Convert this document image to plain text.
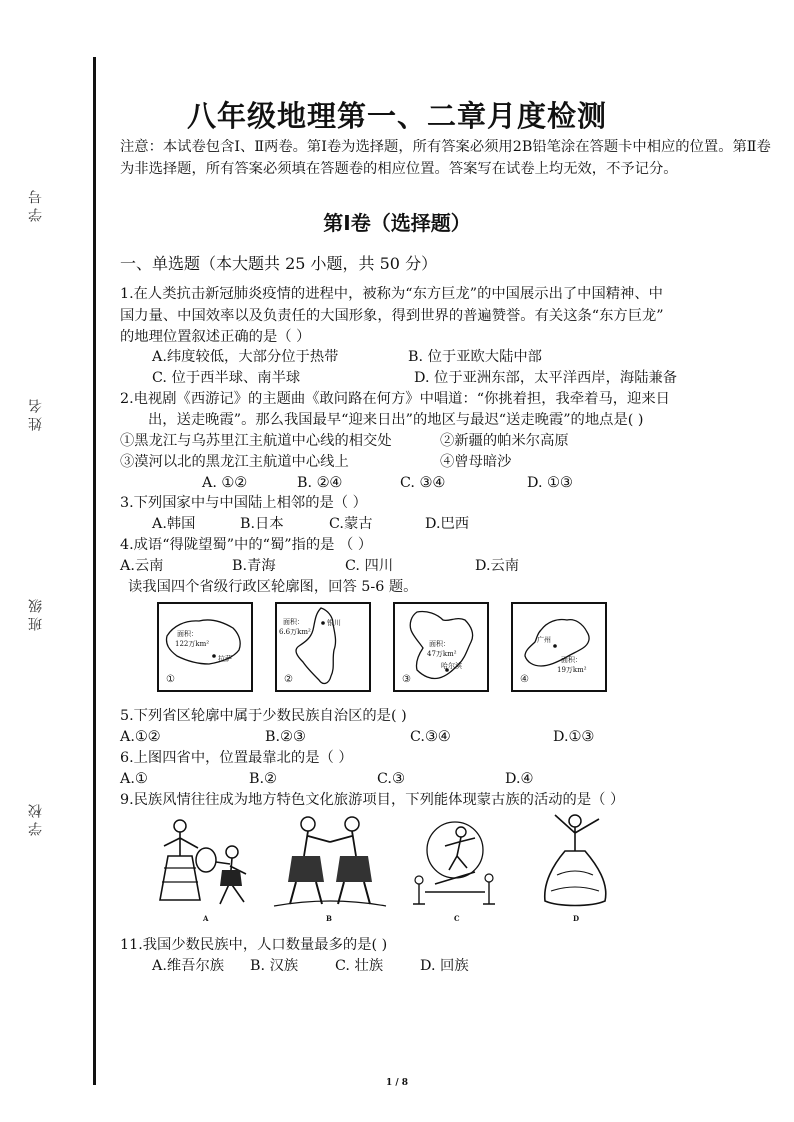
学号
姓名
班级
学校
八年级地理第一、二章月度检测
注意：本试卷包含Ⅰ、Ⅱ两卷。第Ⅰ卷为选择题，所有答案必须用2B铅笔涂在答题卡中相应的位置。第Ⅱ卷为非选择题，所有答案必须填在答题卷的相应位置。答案写在试卷上均无效，不予记分。
第Ⅰ卷（选择题）
一、单选题（本大题共 25 小题，共 50 分）
1.在人类抗击新冠肺炎疫情的进程中，被称为“东方巨龙”的中国展示出了中国精神、中
国力量、中国效率以及负责任的大国形象，得到世界的普遍赞誉。有关这条“东方巨龙”
的地理位置叙述正确的是（ ）
A.纬度较低，大部分位于热带	B. 位于亚欧大陆中部
C. 位于西半球、南半球	D. 位于亚洲东部，太平洋西岸，海陆兼备
2.电视剧《西游记》的主题曲《敢问路在何方》中唱道：“你挑着担，我牵着马，迎来日
出，送走晚霞”。那么我国最早“迎来日出”的地区与最迟“送走晚霞”的地点是( )
①黑龙江与乌苏里江主航道中心线的相交处	②新疆的帕米尔高原
③漠河以北的黑龙江主航道中心线上	④曾母暗沙
A. ①②	B. ②④	C. ③④	D. ①③
3.下列国家中与中国陆上相邻的是（ ）
A.韩国	B.日本	C.蒙古	D.巴西
4.成语“得陇望蜀”中的“蜀”指的是 （ ）
A.云南	B.青海	C. 四川	D.云南
读我国四个省级行政区轮廓图，回答 5-6 题。
面积：
122万km²
拉萨
①
面积：
6.6万km²
银川
②
面积：
47万km²
哈尔滨
③
广州
面积：
19万km²
④
5.下列省区轮廓中属于少数民族自治区的是( )
A.①②	B.②③	C.③④	D.①③
6.上图四省中，位置最靠北的是（ ）
A.①	B.②	C.③	D.④
9.民族风情往往成为地方特色文化旅游项目，下列能体现蒙古族的活动的是（ ）
A	B	C	D
11.我国少数民族中，人口数量最多的是( )
A.维吾尔族 B. 汉族	C. 壮族	D. 回族
1 / 8
